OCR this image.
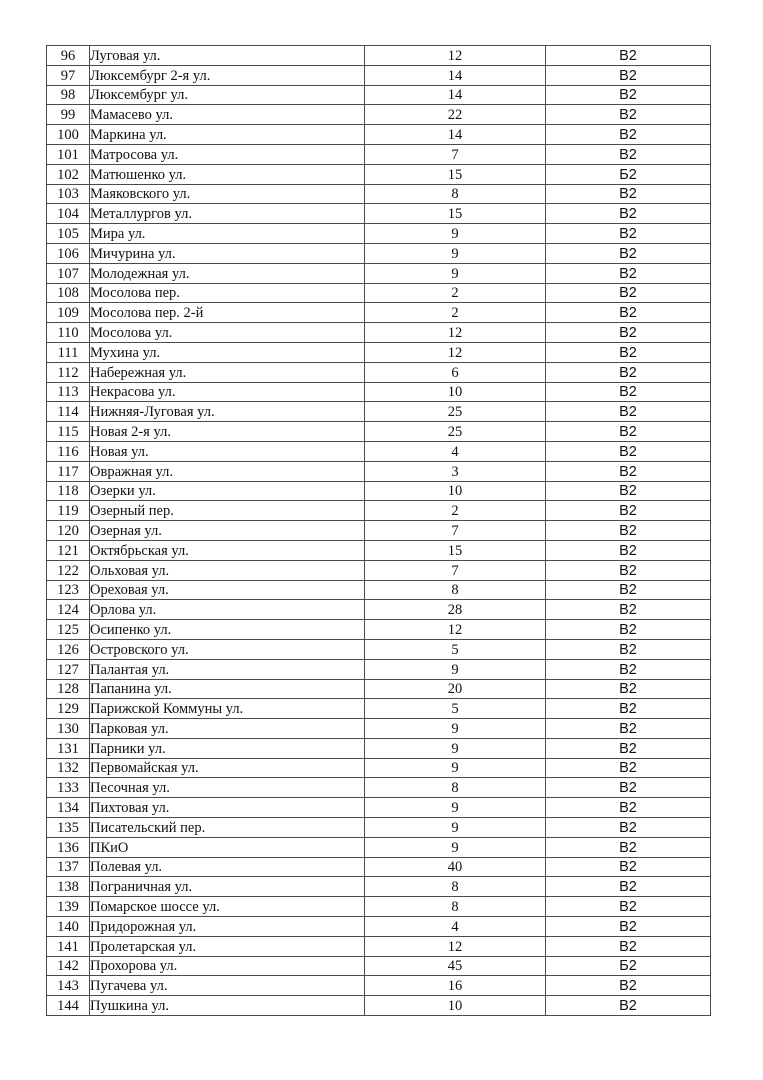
96	Луговая ул.	12	В2
97	Люксембург 2-я ул.	14	В2
98	Люксембург ул.	14	В2
99	Мамасево ул.	22	В2
100	Маркина ул.	14	В2
101	Матросова ул.	7	В2
102	Матюшенко ул.	15	Б2
103	Маяковского ул.	8	В2
104	Металлургов ул.	15	В2
105	Мира ул.	9	В2
106	Мичурина ул.	9	В2
107	Молодежная ул.	9	В2
108	Мосолова пер.	2	В2
109	Мосолова пер. 2-й	2	В2
110	Мосолова ул.	12	В2
111	Мухина ул.	12	В2
112	Набережная ул.	6	В2
113	Некрасова ул.	10	В2
114	Нижняя-Луговая ул.	25	В2
115	Новая 2-я ул.	25	В2
116	Новая ул.	4	В2
117	Овражная ул.	3	В2
118	Озерки ул.	10	В2
119	Озерный пер.	2	В2
120	Озерная ул.	7	В2
121	Октябрьская ул.	15	В2
122	Ольховая ул.	7	В2
123	Ореховая ул.	8	В2
124	Орлова ул.	28	В2
125	Осипенко ул.	12	В2
126	Островского ул.	5	В2
127	Палантая ул.	9	В2
128	Папанина ул.	20	В2
129	Парижской Коммуны ул.	5	В2
130	Парковая ул.	9	В2
131	Парники ул.	9	В2
132	Первомайская ул.	9	В2
133	Песочная ул.	8	В2
134	Пихтовая ул.	9	В2
135	Писательский пер.	9	В2
136	ПКиО	9	В2
137	Полевая ул.	40	В2
138	Пограничная ул.	8	В2
139	Помарское шоссе ул.	8	В2
140	Придорожная ул.	4	В2
141	Пролетарская ул.	12	В2
142	Прохорова ул.	45	Б2
143	Пугачева ул.	16	В2
144	Пушкина ул.	10	В2
